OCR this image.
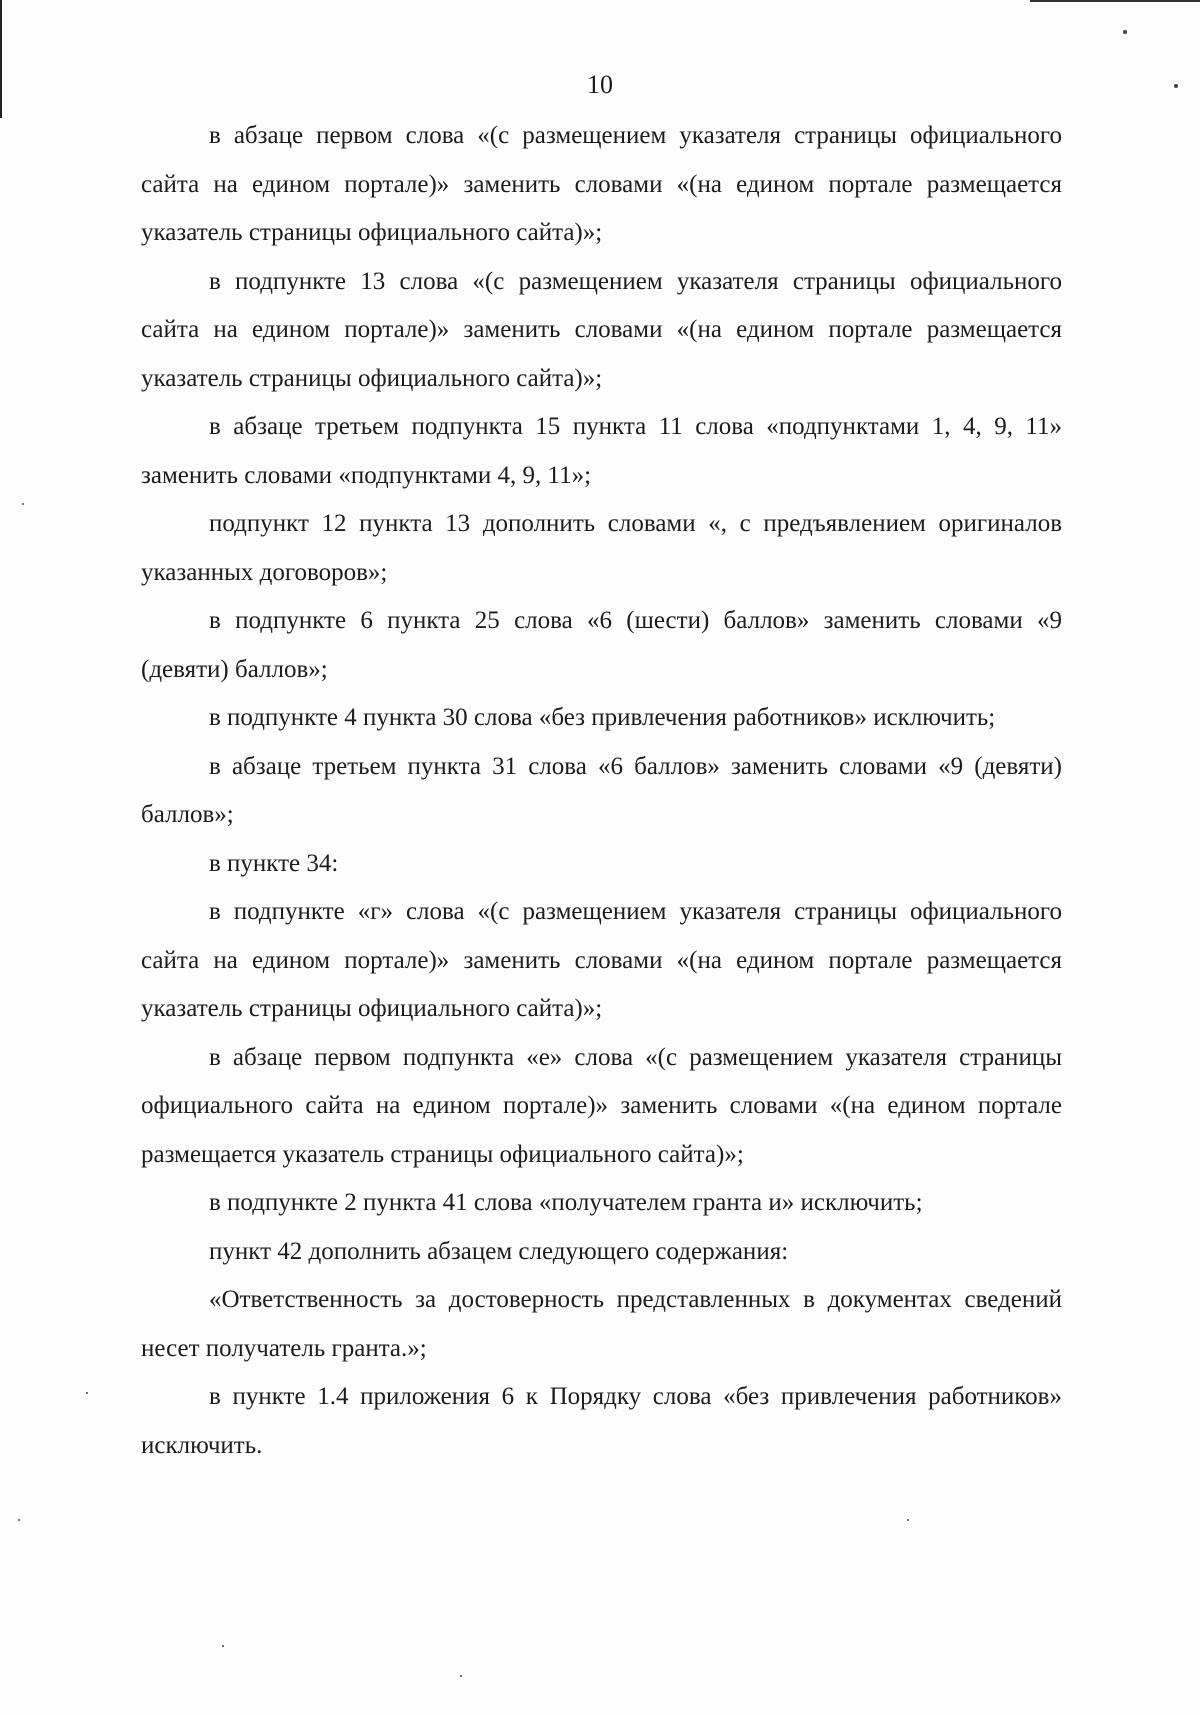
10

в абзаце первом слова «(с размещением указателя страницы официального сайта на едином портале)» заменить словами «(на едином портале размещается указатель страницы официального сайта)»;

в подпункте 13 слова «(с размещением указателя страницы официального сайта на едином портале)» заменить словами «(на едином портале размещается указатель страницы официального сайта)»;

в абзаце третьем подпункта 15 пункта 11 слова «подпунктами 1, 4, 9, 11» заменить словами «подпунктами 4, 9, 11»;

подпункт 12 пункта 13 дополнить словами «, с предъявлением оригиналов указанных договоров»;

в подпункте 6 пункта 25 слова «6 (шести) баллов» заменить словами «9 (девяти) баллов»;

в подпункте 4 пункта 30 слова «без привлечения работников» исключить;

в абзаце третьем пункта 31 слова «6 баллов» заменить словами «9 (девяти) баллов»;

в пункте 34:

в подпункте «г» слова «(с размещением указателя страницы официального сайта на едином портале)» заменить словами «(на едином портале размещается указатель страницы официального сайта)»;

в абзаце первом подпункта «е» слова «(с размещением указателя страницы официального сайта на едином портале)» заменить словами «(на едином портале размещается указатель страницы официального сайта)»;

в подпункте 2 пункта 41 слова «получателем гранта и» исключить;

пункт 42 дополнить абзацем следующего содержания:

«Ответственность за достоверность представленных в документах сведений несет получатель гранта.»;

в пункте 1.4 приложения 6 к Порядку слова «без привлечения работников» исключить.
